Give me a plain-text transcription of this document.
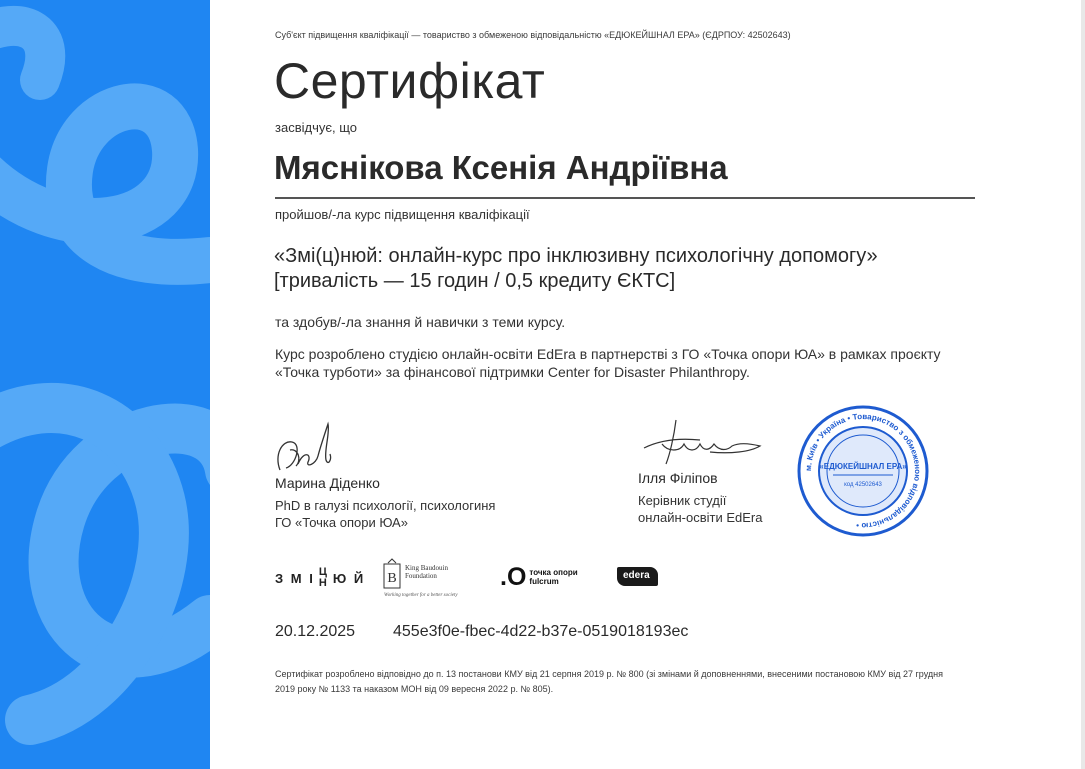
Суб'єкт підвищення кваліфікації — товариство з обмеженою відповідальністю «ЕДЮКЕЙШНАЛ ЕРА» (ЄДРПОУ: 42502643)
Сертифікат
засвідчує, що
Мяснікова Ксенія Андріївна
пройшов/-ла курс підвищення кваліфікації
«Змі(ц)нюй: онлайн-курс про інклюзивну психологічну допомогу»
[тривалість — 15 годин / 0,5 кредиту ЄКТС]
та здобув/-ла знання й навички з теми курсу.
Курс розроблено студією онлайн-освіти EdEra в партнерстві з ГО «Точка опори ЮА» в рамках проєкту «Точка турботи» за фінансової підтримки Center for Disaster Philanthropy.
Марина Діденко
PhD в галузі психології, психологиня
ГО «Точка опори ЮА»
Ілля Філіпов
Керівник студії
онлайн-освіти EdEra
м. Київ • Україна • Товариство з обмеженою відповідальністю •
«ЕДЮКЕЙШНАЛ ЕРА»
код 42502643
З М І Ц
Н Ю Й B
King Baudouin
Foundation
Working together for a better society
.O точка опори
fulcrum
edera
20.12.2025 455e3f0e-fbec-4d22-b37e-0519018193ec
Сертифікат розроблено відповідно до п. 13 постанови КМУ від 21 серпня 2019 р. № 800 (зі змінами й доповненнями, внесеними постановою КМУ від 27 грудня 2019 року № 1133 та наказом МОН від 09 вересня 2022 р. № 805).
